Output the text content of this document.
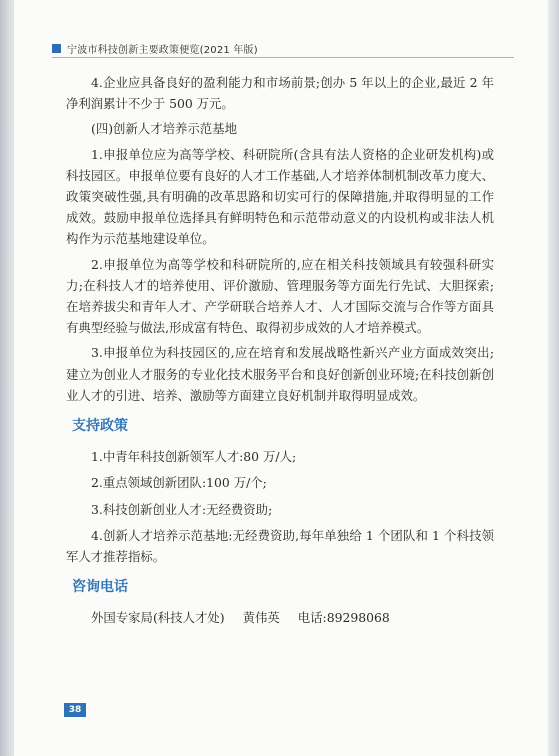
宁波市科技创新主要政策便览(2021 年版)

4.企业应具备良好的盈利能力和市场前景;创办 5 年以上的企业,最近 2 年净利润累计不少于 500 万元。

(四)创新人才培养示范基地

1.申报单位应为高等学校、科研院所(含具有法人资格的企业研发机构)或科技园区。申报单位要有良好的人才工作基础,人才培养体制机制改革力度大、政策突破性强,具有明确的改革思路和切实可行的保障措施,并取得明显的工作成效。鼓励申报单位选择具有鲜明特色和示范带动意义的内设机构或非法人机构作为示范基地建设单位。

2.申报单位为高等学校和科研院所的,应在相关科技领域具有较强科研实力;在科技人才的培养使用、评价激励、管理服务等方面先行先试、大胆探索;在培养拔尖和青年人才、产学研联合培养人才、人才国际交流与合作等方面具有典型经验与做法,形成富有特色、取得初步成效的人才培养模式。

3.申报单位为科技园区的,应在培育和发展战略性新兴产业方面成效突出;建立为创业人才服务的专业化技术服务平台和良好创新创业环境;在科技创新创业人才的引进、培养、激励等方面建立良好机制并取得明显成效。

支持政策

1.中青年科技创新领军人才:80 万/人;

2.重点领域创新团队:100 万/个;

3.科技创新创业人才:无经费资助;

4.创新人才培养示范基地:无经费资助,每年单独给 1 个团队和 1 个科技领军人才推荐指标。

咨询电话

外国专家局(科技人才处) 黄伟英 电话:89298068

38
